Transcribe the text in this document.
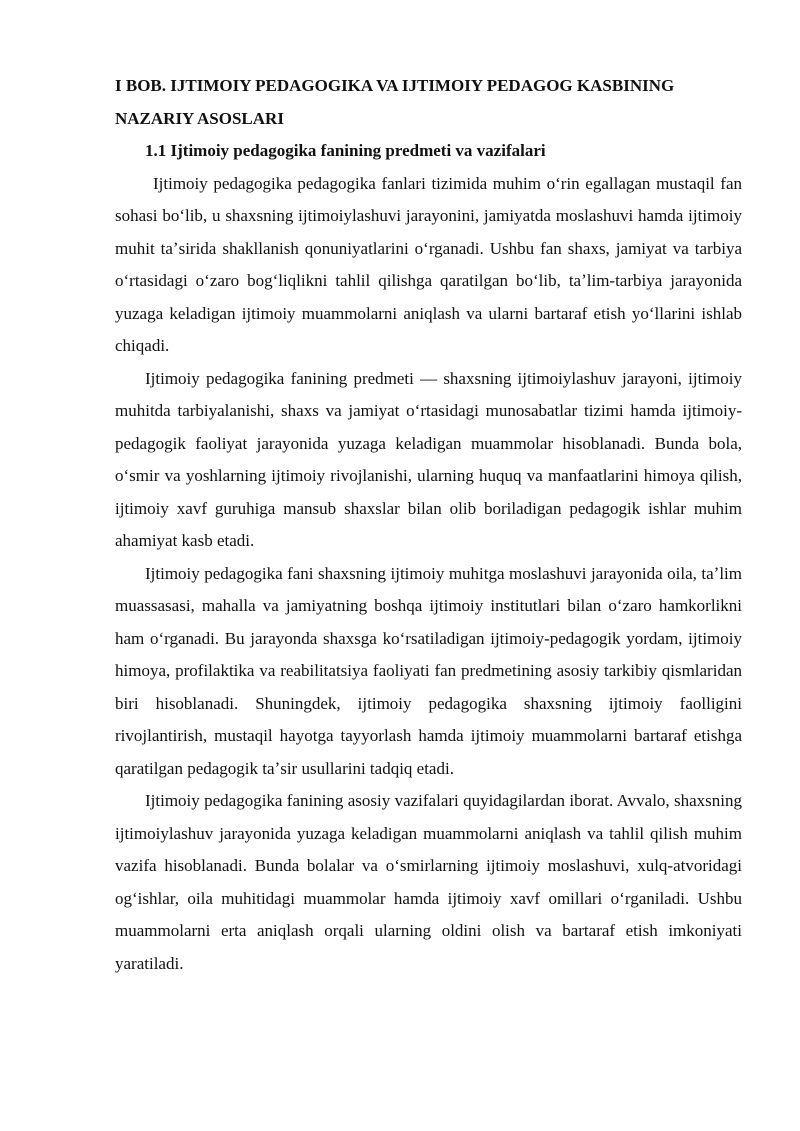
I BOB. IJTIMOIY PEDAGOGIKA VA IJTIMOIY PEDAGOG KASBINING NAZARIY ASOSLARI

1.1 Ijtimoiy pedagogika fanining predmeti va vazifalari

Ijtimoiy pedagogika pedagogika fanlari tizimida muhim oʻrin egallagan mustaqil fan sohasi boʻlib, u shaxsning ijtimoiylashuvi jarayonini, jamiyatda moslashuvi hamda ijtimoiy muhit taʼsirida shakllanish qonuniyatlarini oʻrganadi. Ushbu fan shaxs, jamiyat va tarbiya oʻrtasidagi oʻzaro bogʻliqlikni tahlil qilishga qaratilgan boʻlib, taʼlim-tarbiya jarayonida yuzaga keladigan ijtimoiy muammolarni aniqlash va ularni bartaraf etish yoʻllarini ishlab chiqadi.

Ijtimoiy pedagogika fanining predmeti — shaxsning ijtimoiylashuv jarayoni, ijtimoiy muhitda tarbiyalanishi, shaxs va jamiyat oʻrtasidagi munosabatlar tizimi hamda ijtimoiy-pedagogik faoliyat jarayonida yuzaga keladigan muammolar hisoblanadi. Bunda bola, oʻsmir va yoshlarning ijtimoiy rivojlanishi, ularning huquq va manfaatlarini himoya qilish, ijtimoiy xavf guruhiga mansub shaxslar bilan olib boriladigan pedagogik ishlar muhim ahamiyat kasb etadi.

Ijtimoiy pedagogika fani shaxsning ijtimoiy muhitga moslashuvi jarayonida oila, taʼlim muassasasi, mahalla va jamiyatning boshqa ijtimoiy institutlari bilan oʻzaro hamkorlikni ham oʻrganadi. Bu jarayonda shaxsga koʻrsatiladigan ijtimoiy-pedagogik yordam, ijtimoiy himoya, profilaktika va reabilitatsiya faoliyati fan predmetining asosiy tarkibiy qismlaridan biri hisoblanadi. Shuningdek, ijtimoiy pedagogika shaxsning ijtimoiy faolligini rivojlantirish, mustaqil hayotga tayyorlash hamda ijtimoiy muammolarni bartaraf etishga qaratilgan pedagogik taʼsir usullarini tadqiq etadi.

Ijtimoiy pedagogika fanining asosiy vazifalari quyidagilardan iborat. Avvalo, shaxsning ijtimoiylashuv jarayonida yuzaga keladigan muammolarni aniqlash va tahlil qilish muhim vazifa hisoblanadi. Bunda bolalar va oʻsmirlarning ijtimoiy moslashuvi, xulq-atvoridagi ogʻishlar, oila muhitidagi muammolar hamda ijtimoiy xavf omillari oʻrganiladi. Ushbu muammolarni erta aniqlash orqali ularning oldini olish va bartaraf etish imkoniyati yaratiladi.
